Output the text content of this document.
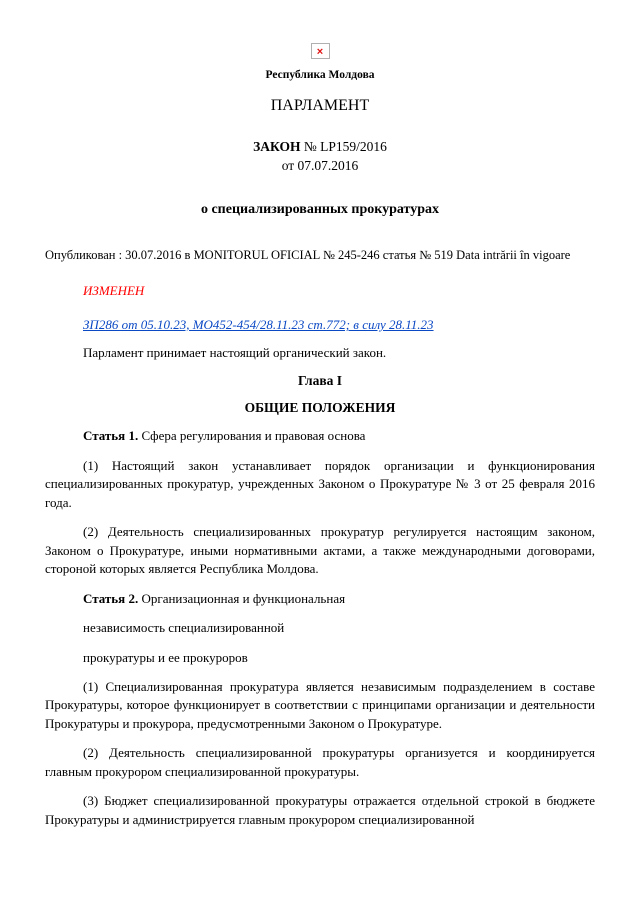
×
Республика Молдова
ПАРЛАМЕНТ
ЗАКОН № LP159/2016
от 07.07.2016
о специализированных прокуратурах

Опубликован : 30.07.2016 в MONITORUL OFICIAL № 245-246 статья № 519 Data intrării în vigoare

ИЗМЕНЕН

ЗП286 от 05.10.23, МО452-454/28.11.23 ст.772; в силу 28.11.23

Парламент принимает настоящий органический закон.

Глава I
ОБЩИЕ ПОЛОЖЕНИЯ

Статья 1. Сфера регулирования и правовая основа

(1) Настоящий закон устанавливает порядок организации и функционирования специализированных прокуратур, учрежденных Законом о Прокуратуре № 3 от 25 февраля 2016 года.

(2) Деятельность специализированных прокуратур регулируется настоящим законом, Законом о Прокуратуре, иными нормативными актами, а также международными договорами, стороной которых является Республика Молдова.

Статья 2. Организационная и функциональная

независимость специализированной

прокуратуры и ее прокуроров

(1) Специализированная прокуратура является независимым подразделением в составе Прокуратуры, которое функционирует в соответствии с принципами организации и деятельности Прокуратуры и прокурора, предусмотренными Законом о Прокуратуре.

(2) Деятельность специализированной прокуратуры организуется и координируется главным прокурором специализированной прокуратуры.

(3) Бюджет специализированной прокуратуры отражается отдельной строкой в бюджете Прокуратуры и администрируется главным прокурором специализированной
